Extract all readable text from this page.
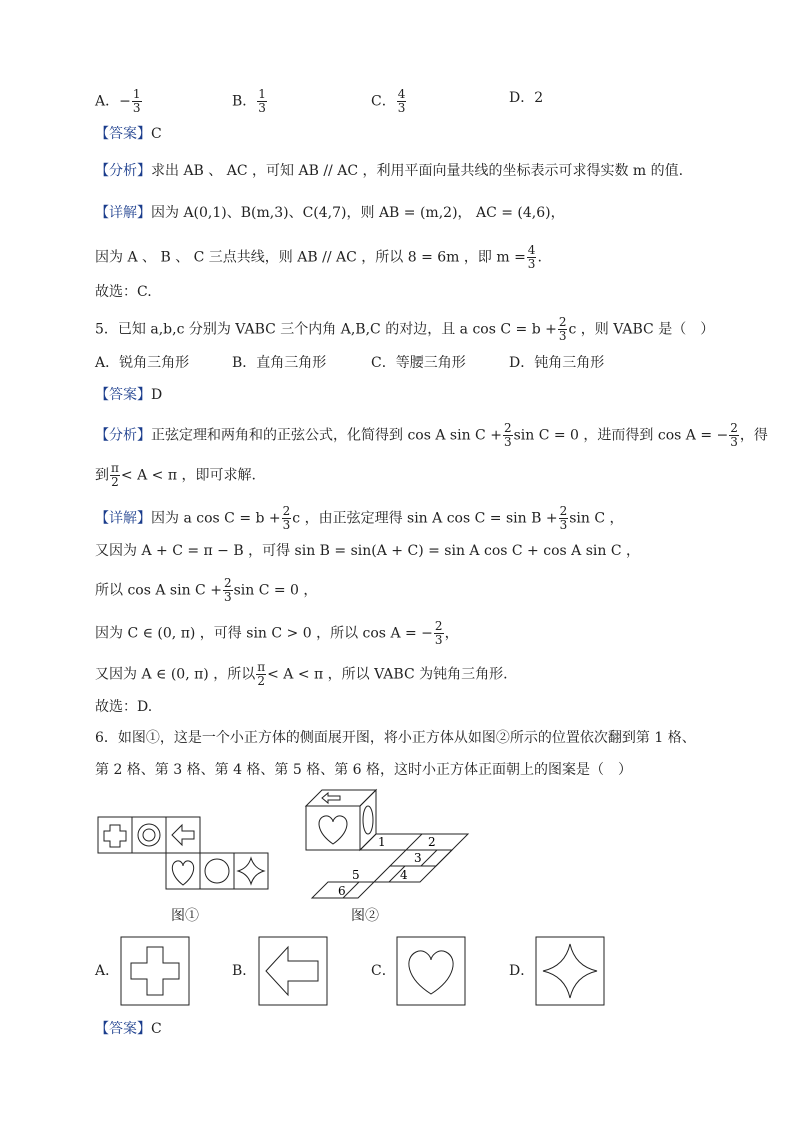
A．− $\frac{1}{3}$	B． $\frac{1}{3}$	C． $\frac{4}{3}$	D．2
【答案】C
【分析】求出 AB 、 AC ，可知 AB // AC ，利用平面向量共线的坐标表示可求得实数 m 的值.
【详解】因为 A(0,1)、B(m,3)、C(4,7)，则 AB = (m,2)， AC = (4,6)，
因为 A 、 B 、 C 三点共线，则 AB // AC ，所以 8 = 6m ，即 $m = \frac{4}{3}$ .
故选：C.
5．已知 a,b,c 分别为 VABC 三个内角 A,B,C 的对边，且 a $\cos C = b + \frac{2}{3}$ c ，则 VABC 是（　）
A．锐角三角形	B．直角三角形	C．等腰三角形	D．钝角三角形
【答案】D
【分析】正弦定理和两角和的正弦公式，化简得到 cos A $\sin C + \frac{2}{3}$ sin C = 0 ，进而得到 cos A = − $\frac{2}{3}$ ，得
到 $\frac{\pi}{2} < A < \pi$ ，即可求解.
【详解】因为 a $\cos C = b + \frac{2}{3}$ c ，由正弦定理得 sin A $\cos C = \sin B + \frac{2}{3}$ sin C ，
又因为 A + C = π − B ，可得 sin B = sin(A + C) = sin A cos C + cos A sin C ，
所以 cos A $\sin C + \frac{2}{3}$ sin C = 0 ，
因为 C ∈ (0, π) ，可得 sin C > 0 ，所以 cos A = − $\frac{2}{3}$ ，
又因为 A ∈ (0, π) ，所以 $\frac{\pi}{2} < A < \pi$ ，所以 VABC 为钝角三角形.
故选：D.
6．如图①，这是一个小正方体的侧面展开图，将小正方体从如图②所示的位置依次翻到第 1 格、
第 2 格、第 3 格、第 4 格、第 5 格、第 6 格，这时小正方体正面朝上的图案是（　）
图①
1	2
3
4
5
6
图②
A．	B．	C．	D．
【答案】C
